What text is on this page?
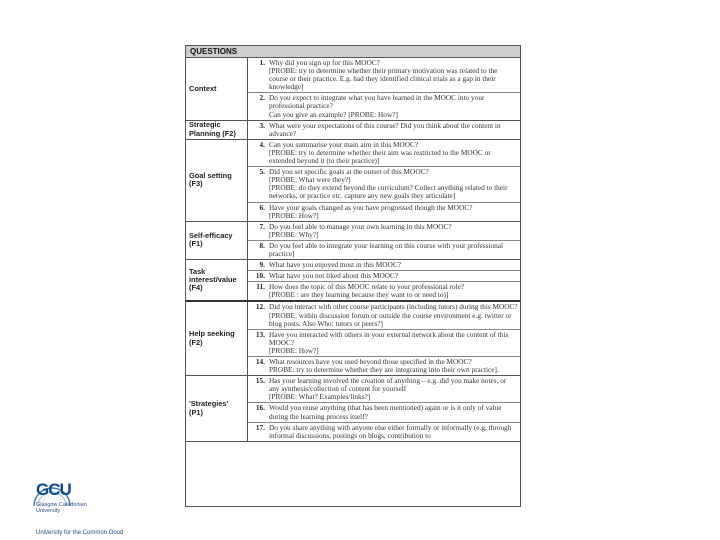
QUESTIONS
Context
1. Why did you sign up for this MOOC?
[PROBE: try to determine whether their primary motivation was related to the course or their practice. E.g. had they identified clinical trials as a gap in their knowledge]
2. Do you expect to integrate what you have learned in the MOOC into your professional practice?
Can you give an example? [PROBE: How?]
Strategic Planning (F2)
3. What were your expectations of this course? Did you think about the content in advance?
Goal setting (F3)
4. Can you summarise your main aim in this MOOC?
[PROBE: try to determine whether their aim was restricted to the MOOC or extended beyond it (to their practice)]
5. Did you set specific goals at the outset of this MOOC?
[PROBE: What were they?]
[PROBE: do they extend beyond the curriculum? Collect anything related to their networks, or practice etc. capture any new goals they articulate]
6. Have your goals changed as you have progressed though the MOOC?
[PROBE: How?]
Self-efficacy (F1)
7. Do you feel able to manage your own learning in this MOOC?
[PROBE: Why?]
8. Do you feel able to integrate your learning on this course with your professional practice]
Task interest/value (F4)
9. What have you enjoyed most in this MOOC?
10. What have you not liked about this MOOC?
11. How does the topic of this MOOC relate to your professional role?
[PROBE : are they learning because they want to or need to)]
Help seeking (F2)
12. Did you interact with other course participants (including tutors) during this MOOC?
[PROBE: within discussion forum or outside the course environment e.g. twitter or blog posts. Also Who: tutors or peers?]
13. Have you interacted with others in your external network about the content of this MOOC?
[PROBE: How?]
14. What resources have you used beyond those specified in the MOOC?
PROBE: try to determine whether they are integrating into their own practice].
'Strategies' (P1)
15. Has your learning involved the creation of anything – e.g. did you make notes, or any synthesis/collection of content for yourself
[PROBE: What? Examples/links?]
16. Would you reuse anything (that has been mentioned) again or is it only of value during the learning process itself?
17. Do you share anything with anyone else either formally or informally (e.g. through informal discussions, postings on blogs, contribution to
GCU
Glasgow Caledonian
University
University for the Common Good
